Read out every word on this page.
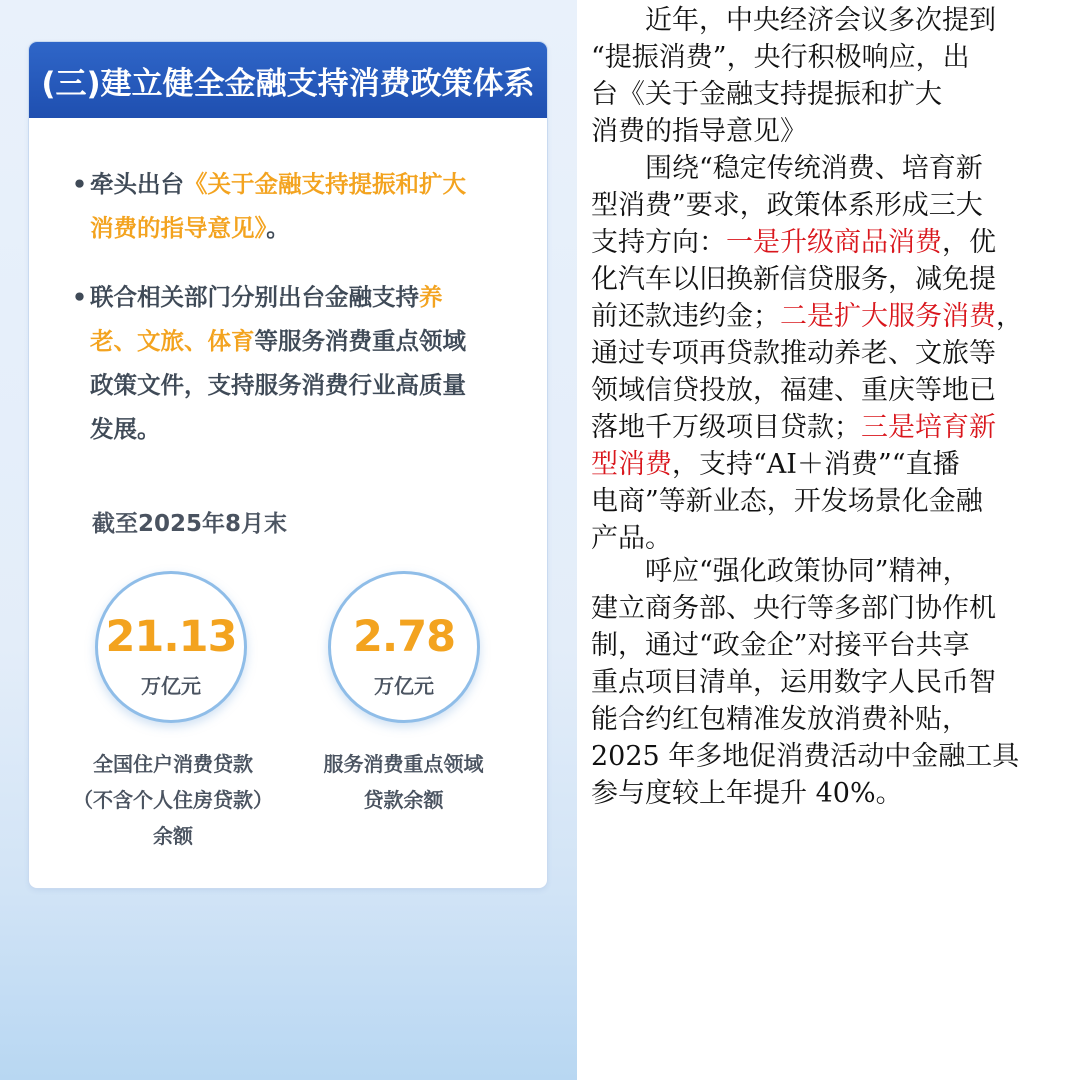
(三)建立健全金融支持消费政策体系
• 牵头出台《关于金融支持提振和扩大
消费的指导意见》。
• 联合相关部门分别出台金融支持养
老、文旅、体育等服务消费重点领域
政策文件，支持服务消费行业高质量
发展。
截至2025年8月末
21.13
万亿元
全国住户消费贷款
（不含个人住房贷款）
余额
2.78
万亿元
服务消费重点领域
贷款余额
近年，中央经济会议多次提到
“提振消费”，央行积极响应，出
台《关于金融支持提振和扩大
消费的指导意见》
围绕“稳定传统消费、培育新
型消费”要求，政策体系形成三大
支持方向：一是升级商品消费，优
化汽车以旧换新信贷服务，减免提
前还款违约金；二是扩大服务消费，
通过专项再贷款推动养老、文旅等
领域信贷投放，福建、重庆等地已
落地千万级项目贷款；三是培育新
型消费，支持“AI＋消费”“直播
电商”等新业态，开发场景化金融
产品。
呼应“强化政策协同”精神，
建立商务部、央行等多部门协作机
制，通过“政金企”对接平台共享
重点项目清单，运用数字人民币智
能合约红包精准发放消费补贴，
2025 年多地促消费活动中金融工具
参与度较上年提升 40%。
